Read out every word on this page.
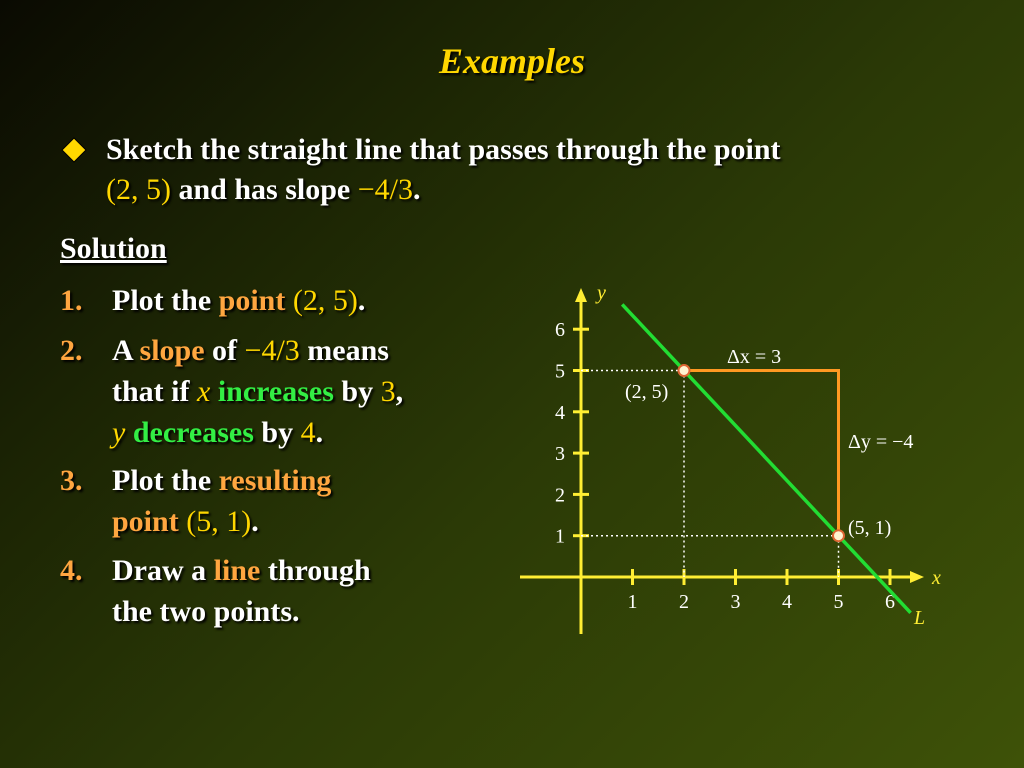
Examples
Sketch the straight line that passes through the point
(2, 5) and has slope −4/3.
Solution
1. Plot the point (2, 5).
2. A slope of −4/3 means
that if x increases by 3,
y decreases by 4.
3. Plot the resulting
point (5, 1).
4. Draw a line through
the two points.
x
y
1 2 3 4 5 6
1
2
3
4
5
6
Δx = 3
Δy = −4
(2, 5)
(5, 1)
L
